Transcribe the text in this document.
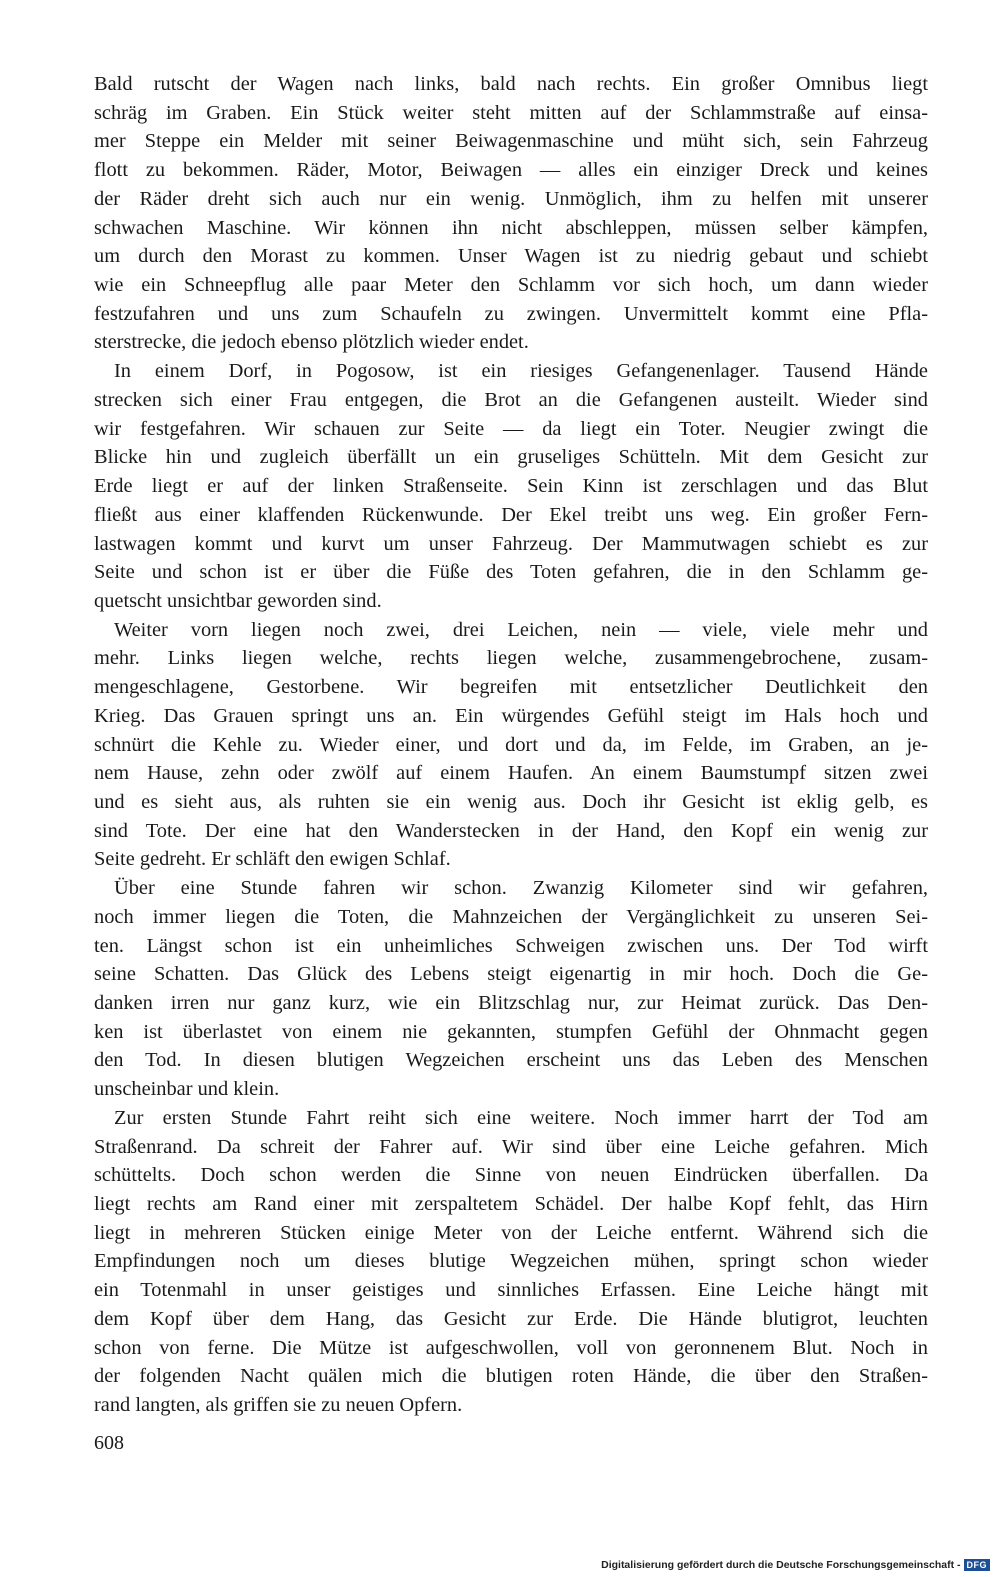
Bald rutscht der Wagen nach links, bald nach rechts. Ein großer Omnibus liegt
schräg im Graben. Ein Stück weiter steht mitten auf der Schlammstraße auf einsa-
mer Steppe ein Melder mit seiner Beiwagenmaschine und müht sich, sein Fahrzeug
flott zu bekommen. Räder, Motor, Beiwagen — alles ein einziger Dreck und keines
der Räder dreht sich auch nur ein wenig. Unmöglich, ihm zu helfen mit unserer
schwachen Maschine. Wir können ihn nicht abschleppen, müssen selber kämpfen,
um durch den Morast zu kommen. Unser Wagen ist zu niedrig gebaut und schiebt
wie ein Schneepflug alle paar Meter den Schlamm vor sich hoch, um dann wieder
festzufahren und uns zum Schaufeln zu zwingen. Unvermittelt kommt eine Pfla-
sterstrecke, die jedoch ebenso plötzlich wieder endet.
In einem Dorf, in Pogosow, ist ein riesiges Gefangenenlager. Tausend Hände
strecken sich einer Frau entgegen, die Brot an die Gefangenen austeilt. Wieder sind
wir festgefahren. Wir schauen zur Seite — da liegt ein Toter. Neugier zwingt die
Blicke hin und zugleich überfällt un ein gruseliges Schütteln. Mit dem Gesicht zur
Erde liegt er auf der linken Straßenseite. Sein Kinn ist zerschlagen und das Blut
fließt aus einer klaffenden Rückenwunde. Der Ekel treibt uns weg. Ein großer Fern-
lastwagen kommt und kurvt um unser Fahrzeug. Der Mammutwagen schiebt es zur
Seite und schon ist er über die Füße des Toten gefahren, die in den Schlamm ge-
quetscht unsichtbar geworden sind.
Weiter vorn liegen noch zwei, drei Leichen, nein — viele, viele mehr und
mehr. Links liegen welche, rechts liegen welche, zusammengebrochene, zusam-
mengeschlagene, Gestorbene. Wir begreifen mit entsetzlicher Deutlichkeit den
Krieg. Das Grauen springt uns an. Ein würgendes Gefühl steigt im Hals hoch und
schnürt die Kehle zu. Wieder einer, und dort und da, im Felde, im Graben, an je-
nem Hause, zehn oder zwölf auf einem Haufen. An einem Baumstumpf sitzen zwei
und es sieht aus, als ruhten sie ein wenig aus. Doch ihr Gesicht ist eklig gelb, es
sind Tote. Der eine hat den Wanderstecken in der Hand, den Kopf ein wenig zur
Seite gedreht. Er schläft den ewigen Schlaf.
Über eine Stunde fahren wir schon. Zwanzig Kilometer sind wir gefahren,
noch immer liegen die Toten, die Mahnzeichen der Vergänglichkeit zu unseren Sei-
ten. Längst schon ist ein unheimliches Schweigen zwischen uns. Der Tod wirft
seine Schatten. Das Glück des Lebens steigt eigenartig in mir hoch. Doch die Ge-
danken irren nur ganz kurz, wie ein Blitzschlag nur, zur Heimat zurück. Das Den-
ken ist überlastet von einem nie gekannten, stumpfen Gefühl der Ohnmacht gegen
den Tod. In diesen blutigen Wegzeichen erscheint uns das Leben des Menschen
unscheinbar und klein.
Zur ersten Stunde Fahrt reiht sich eine weitere. Noch immer harrt der Tod am
Straßenrand. Da schreit der Fahrer auf. Wir sind über eine Leiche gefahren. Mich
schüttelts. Doch schon werden die Sinne von neuen Eindrücken überfallen. Da
liegt rechts am Rand einer mit zerspaltetem Schädel. Der halbe Kopf fehlt, das Hirn
liegt in mehreren Stücken einige Meter von der Leiche entfernt. Während sich die
Empfindungen noch um dieses blutige Wegzeichen mühen, springt schon wieder
ein Totenmahl in unser geistiges und sinnliches Erfassen. Eine Leiche hängt mit
dem Kopf über dem Hang, das Gesicht zur Erde. Die Hände blutigrot, leuchten
schon von ferne. Die Mütze ist aufgeschwollen, voll von geronnenem Blut. Noch in
der folgenden Nacht quälen mich die blutigen roten Hände, die über den Straßen-
rand langten, als griffen sie zu neuen Opfern.
608
Digitalisierung gefördert durch die Deutsche Forschungsgemeinschaft - DFG
